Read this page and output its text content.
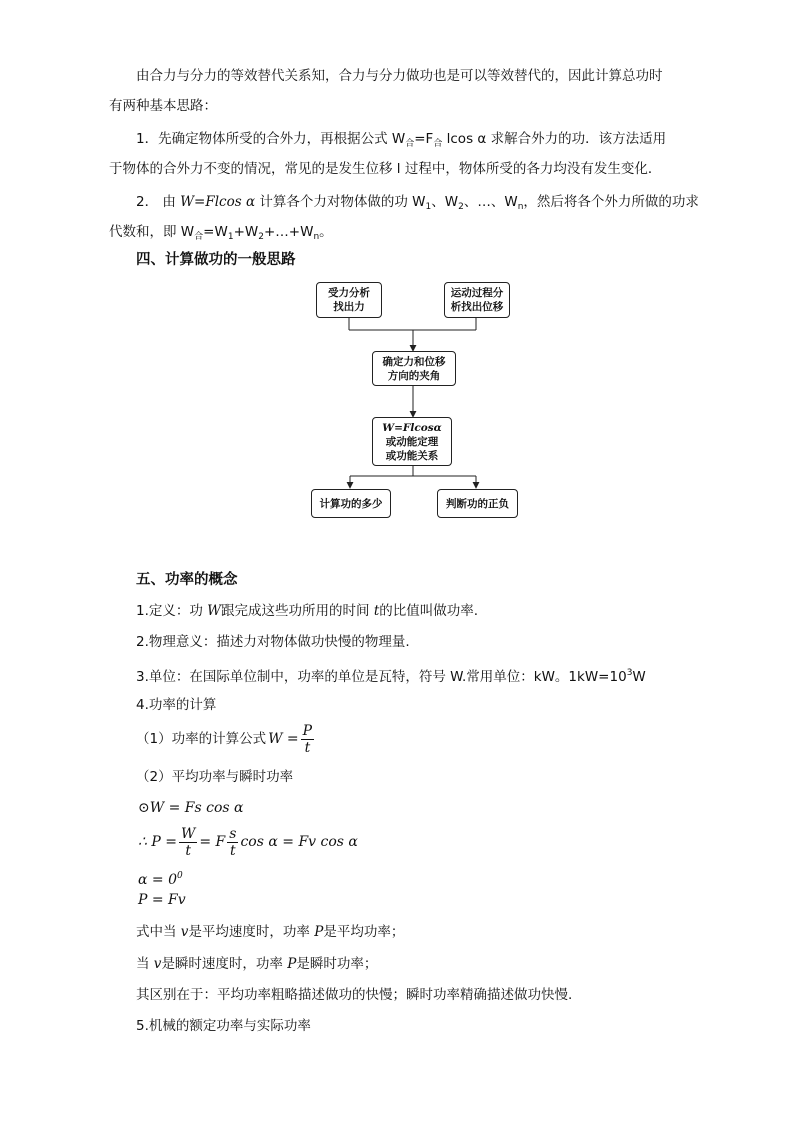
由合力与分力的等效替代关系知，合力与分力做功也是可以等效替代的，因此计算总功时
有两种基本思路：
1．先确定物体所受的合外力，再根据公式 $W_合=F_合$ lcos α 求解合外力的功．该方法适用
于物体的合外力不变的情况，常见的是发生位移 l 过程中，物体所受的各力均没有发生变化．
2． 由 W=Flcos α 计算各个力对物体做的功 $W_1$、$W_2$、…、$W_n$，然后将各个外力所做的功求
代数和，即 $W_合=W_1+W_2+\dots+W_n$。
四、计算做功的一般思路
受力分析
找出力
运动过程分
析找出位移
确定力和位移
方向的夹角
W=Flcosα
或动能定理
或功能关系
计算功的多少	判断功的正负
五、功率的概念
1.定义：功 W跟完成这些功所用的时间 t的比值叫做功率.
2.物理意义：描述力对物体做功快慢的物理量.
3.单位：在国际单位制中，功率的单位是瓦特，符号 W.常用单位：kW。$1kW=10^3W$
4.功率的计算
（1）功率的计算公式 $W = \frac{P}{t}$
（2）平均功率与瞬时功率
⊙W = Fs cos α
∴ $P = \frac{W}{t} = F \frac{s}{t}$ cos α = Fv cos α
$\alpha = 0^0$
P = Fv
式中当 v是平均速度时，功率 P是平均功率；
当 v是瞬时速度时，功率 P是瞬时功率；
其区别在于：平均功率粗略描述做功的快慢；瞬时功率精确描述做功快慢.
5.机械的额定功率与实际功率
